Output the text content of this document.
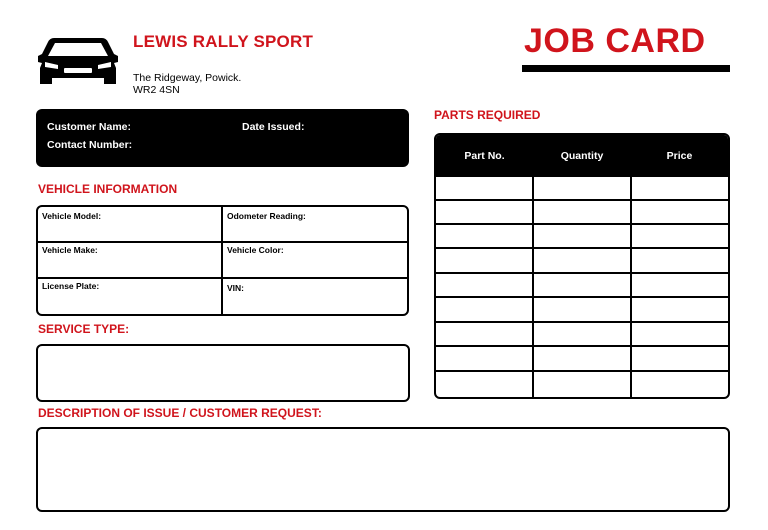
LEWIS RALLY SPORT
The Ridgeway, Powick.
WR2 4SN
JOB CARD
Customer Name:
Contact Number:
Date Issued:
VEHICLE INFORMATION
Vehicle Model:	Odometer Reading:
Vehicle Make:	Vehicle Color:
License Plate:	VIN:
SERVICE TYPE:
DESCRIPTION OF ISSUE / CUSTOMER REQUEST:
PARTS REQUIRED
Part No.	Quantity	Price
